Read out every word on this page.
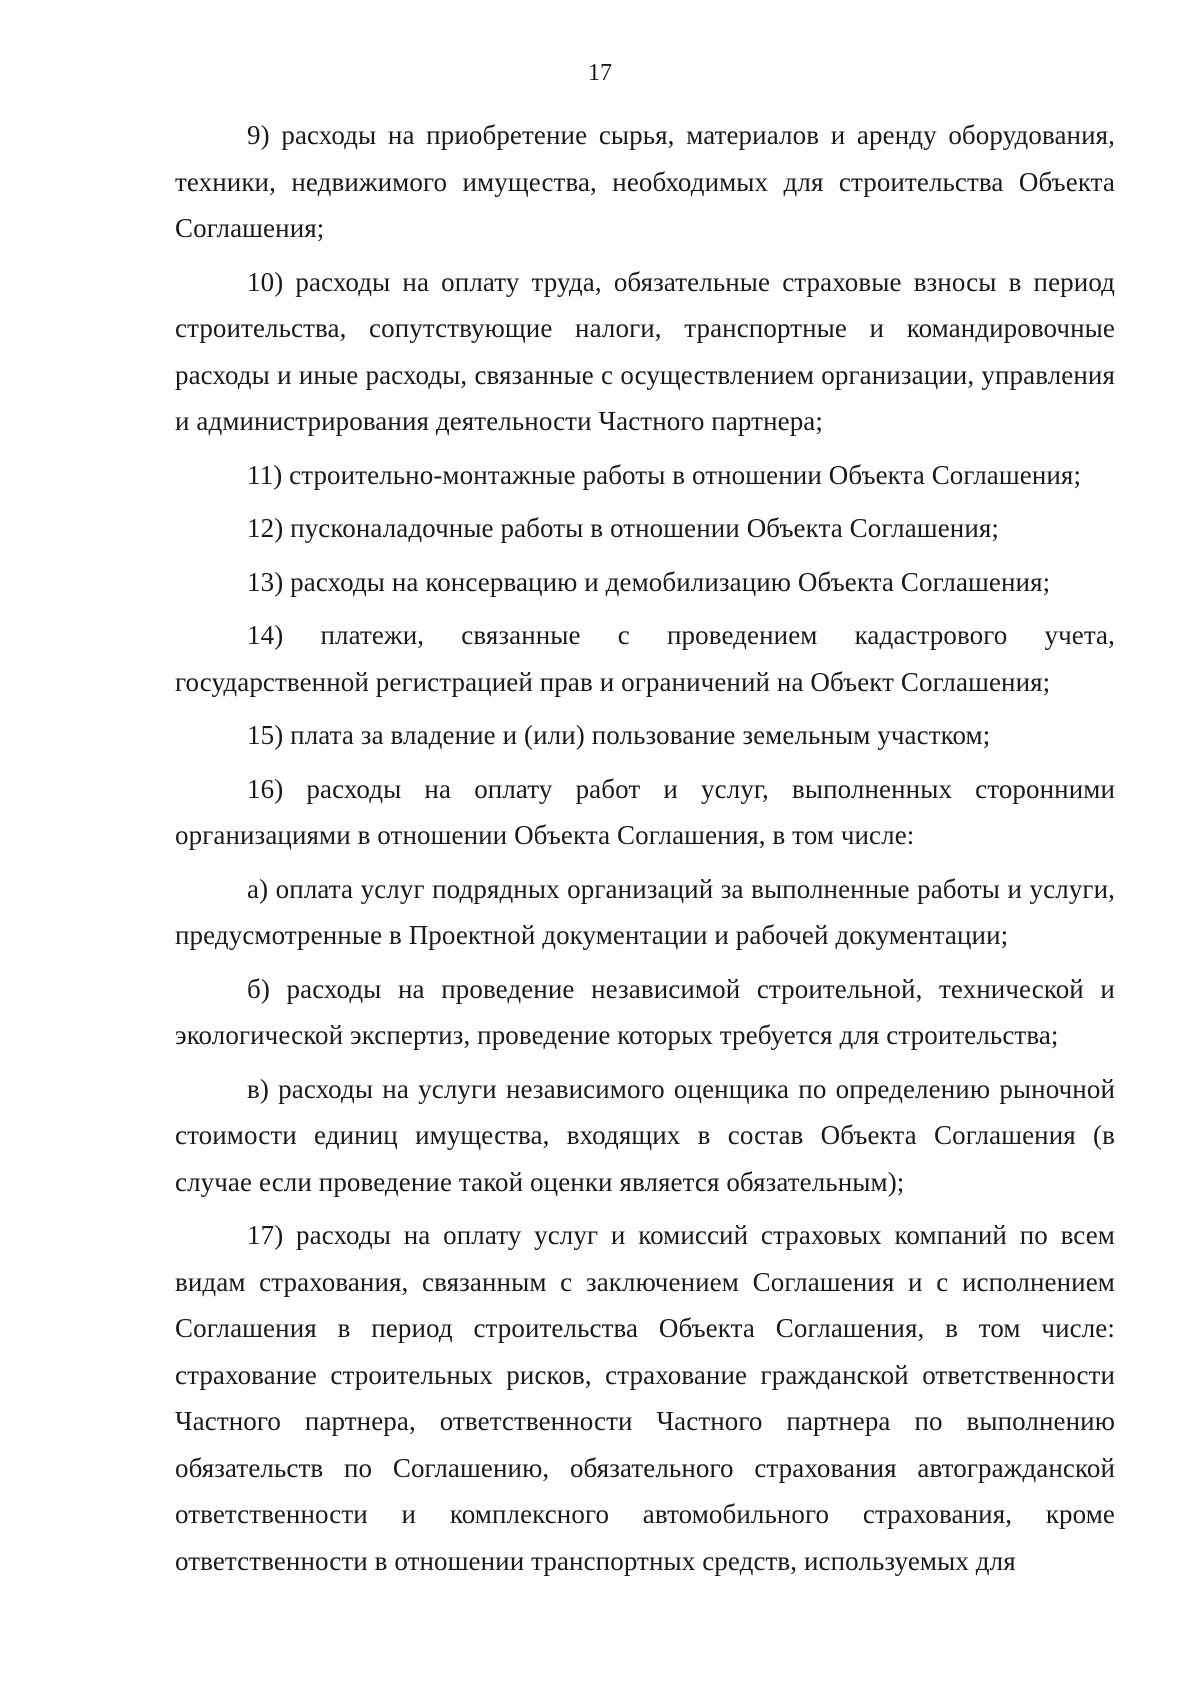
17

9) расходы на приобретение сырья, материалов и аренду оборудования, техники, недвижимого имущества, необходимых для строительства Объекта Соглашения;

10) расходы на оплату труда, обязательные страховые взносы в период строительства, сопутствующие налоги, транспортные и командировочные расходы и иные расходы, связанные с осуществлением организации, управления и администрирования деятельности Частного партнера;

11) строительно-монтажные работы в отношении Объекта Соглашения;

12) пусконаладочные работы в отношении Объекта Соглашения;

13) расходы на консервацию и демобилизацию Объекта Соглашения;

14) платежи, связанные с проведением кадастрового учета, государственной регистрацией прав и ограничений на Объект Соглашения;

15) плата за владение и (или) пользование земельным участком;

16) расходы на оплату работ и услуг, выполненных сторонними организациями в отношении Объекта Соглашения, в том числе:

а) оплата услуг подрядных организаций за выполненные работы и услуги, предусмотренные в Проектной документации и рабочей документации;

б) расходы на проведение независимой строительной, технической и экологической экспертиз, проведение которых требуется для строительства;

в) расходы на услуги независимого оценщика по определению рыночной стоимости единиц имущества, входящих в состав Объекта Соглашения (в случае если проведение такой оценки является обязательным);

17) расходы на оплату услуг и комиссий страховых компаний по всем видам страхования, связанным с заключением Соглашения и с исполнением Соглашения в период строительства Объекта Соглашения, в том числе: страхование строительных рисков, страхование гражданской ответственности Частного партнера, ответственности Частного партнера по выполнению обязательств по Соглашению, обязательного страхования автогражданской ответственности и комплексного автомобильного страхования, кроме ответственности в отношении транспортных средств, используемых для
